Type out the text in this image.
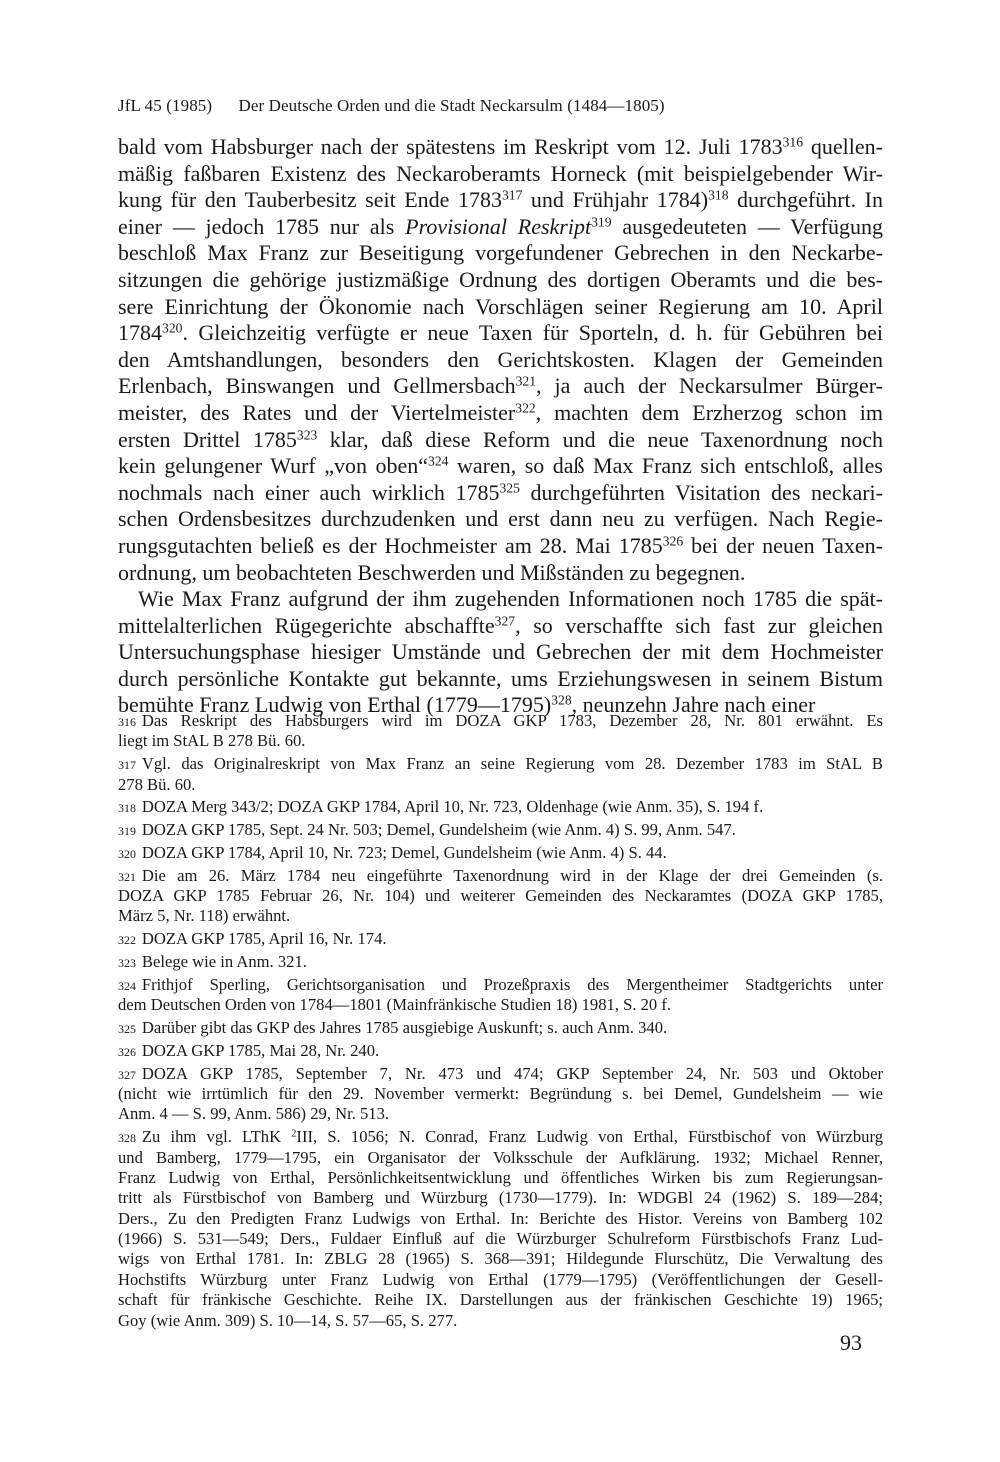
JfL 45 (1985) Der Deutsche Orden und die Stadt Neckarsulm (1484—1805)
bald vom Habsburger nach der spätestens im Reskript vom 12. Juli 1783$^{316}$ quellen-
mäßig faßbaren Existenz des Neckaroberamts Horneck (mit beispielgebender Wir-
kung für den Tauberbesitz seit Ende 1783$^{317}$ und Frühjahr 1784)$^{318}$ durchgeführt. In
einer — jedoch 1785 nur als Provisional Reskript$^{319}$ ausgedeuteten — Verfügung
beschloß Max Franz zur Beseitigung vorgefundener Gebrechen in den Neckarbe-
sitzungen die gehörige justizmäßige Ordnung des dortigen Oberamts und die bes-
sere Einrichtung der Ökonomie nach Vorschlägen seiner Regierung am 10. April
1784$^{320}$. Gleichzeitig verfügte er neue Taxen für Sporteln, d. h. für Gebühren bei
den Amtshandlungen, besonders den Gerichtskosten. Klagen der Gemeinden
Erlenbach, Binswangen und Gellmersbach$^{321}$, ja auch der Neckarsulmer Bürger-
meister, des Rates und der Viertelmeister$^{322}$, machten dem Erzherzog schon im
ersten Drittel 1785$^{323}$ klar, daß diese Reform und die neue Taxenordnung noch
kein gelungener Wurf „von oben“$^{324}$ waren, so daß Max Franz sich entschloß, alles
nochmals nach einer auch wirklich 1785$^{325}$ durchgeführten Visitation des neckari-
schen Ordensbesitzes durchzudenken und erst dann neu zu verfügen. Nach Regie-
rungsgutachten beließ es der Hochmeister am 28. Mai 1785$^{326}$ bei der neuen Taxen-
ordnung, um beobachteten Beschwerden und Mißständen zu begegnen.
Wie Max Franz aufgrund der ihm zugehenden Informationen noch 1785 die spät-
mittelalterlichen Rügegerichte abschaffte$^{327}$, so verschaffte sich fast zur gleichen
Untersuchungsphase hiesiger Umstände und Gebrechen der mit dem Hochmeister
durch persönliche Kontakte gut bekannte, ums Erziehungswesen in seinem Bistum
bemühte Franz Ludwig von Erthal (1779—1795)$^{328}$, neunzehn Jahre nach einer
316 Das Reskript des Habsburgers wird im DOZA GKP 1783, Dezember 28, Nr. 801 erwähnt. Es
liegt im StAL B 278 Bü. 60.
317 Vgl. das Originalreskript von Max Franz an seine Regierung vom 28. Dezember 1783 im StAL B
278 Bü. 60.
318 DOZA Merg 343/2; DOZA GKP 1784, April 10, Nr. 723, Oldenhage (wie Anm. 35), S. 194 f.
319 DOZA GKP 1785, Sept. 24 Nr. 503; Demel, Gundelsheim (wie Anm. 4) S. 99, Anm. 547.
320 DOZA GKP 1784, April 10, Nr. 723; Demel, Gundelsheim (wie Anm. 4) S. 44.
321 Die am 26. März 1784 neu eingeführte Taxenordnung wird in der Klage der drei Gemeinden (s.
DOZA GKP 1785 Februar 26, Nr. 104) und weiterer Gemeinden des Neckaramtes (DOZA GKP 1785,
März 5, Nr. 118) erwähnt.
322 DOZA GKP 1785, April 16, Nr. 174.
323 Belege wie in Anm. 321.
324 Frithjof Sperling, Gerichtsorganisation und Prozeßpraxis des Mergentheimer Stadtgerichts unter
dem Deutschen Orden von 1784—1801 (Mainfränkische Studien 18) 1981, S. 20 f.
325 Darüber gibt das GKP des Jahres 1785 ausgiebige Auskunft; s. auch Anm. 340.
326 DOZA GKP 1785, Mai 28, Nr. 240.
327 DOZA GKP 1785, September 7, Nr. 473 und 474; GKP September 24, Nr. 503 und Oktober
(nicht wie irrtümlich für den 29. November vermerkt: Begründung s. bei Demel, Gundelsheim — wie
Anm. 4 — S. 99, Anm. 586) 29, Nr. 513.
328 Zu ihm vgl. LThK $^2$III, S. 1056; N. Conrad, Franz Ludwig von Erthal, Fürstbischof von Würzburg
und Bamberg, 1779—1795, ein Organisator der Volksschule der Aufklärung. 1932; Michael Renner,
Franz Ludwig von Erthal, Persönlichkeitsentwicklung und öffentliches Wirken bis zum Regierungsan-
tritt als Fürstbischof von Bamberg und Würzburg (1730—1779). In: WDGBl 24 (1962) S. 189—284;
Ders., Zu den Predigten Franz Ludwigs von Erthal. In: Berichte des Histor. Vereins von Bamberg 102
(1966) S. 531—549; Ders., Fuldaer Einfluß auf die Würzburger Schulreform Fürstbischofs Franz Lud-
wigs von Erthal 1781. In: ZBLG 28 (1965) S. 368—391; Hildegunde Flurschütz, Die Verwaltung des
Hochstifts Würzburg unter Franz Ludwig von Erthal (1779—1795) (Veröffentlichungen der Gesell-
schaft für fränkische Geschichte. Reihe IX. Darstellungen aus der fränkischen Geschichte 19) 1965;
Goy (wie Anm. 309) S. 10—14, S. 57—65, S. 277.
93
